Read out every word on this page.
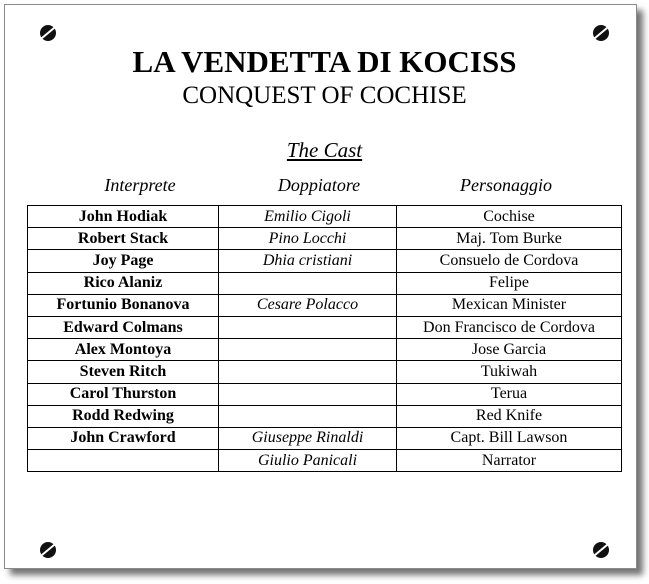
LA VENDETTA DI KOCISS
CONQUEST OF COCHISE
The Cast
Interprete	Doppiatore	Personaggio
John Hodiak	Emilio Cigoli	Cochise
Robert Stack	Pino Locchi	Maj. Tom Burke
Joy Page	Dhia cristiani	Consuelo de Cordova
Rico Alaniz		Felipe
Fortunio Bonanova	Cesare Polacco	Mexican Minister
Edward Colmans		Don Francisco de Cordova
Alex Montoya		Jose Garcia
Steven Ritch		Tukiwah
Carol Thurston		Terua
Rodd Redwing		Red Knife
John Crawford	Giuseppe Rinaldi	Capt. Bill Lawson
	Giulio Panicali	Narrator
